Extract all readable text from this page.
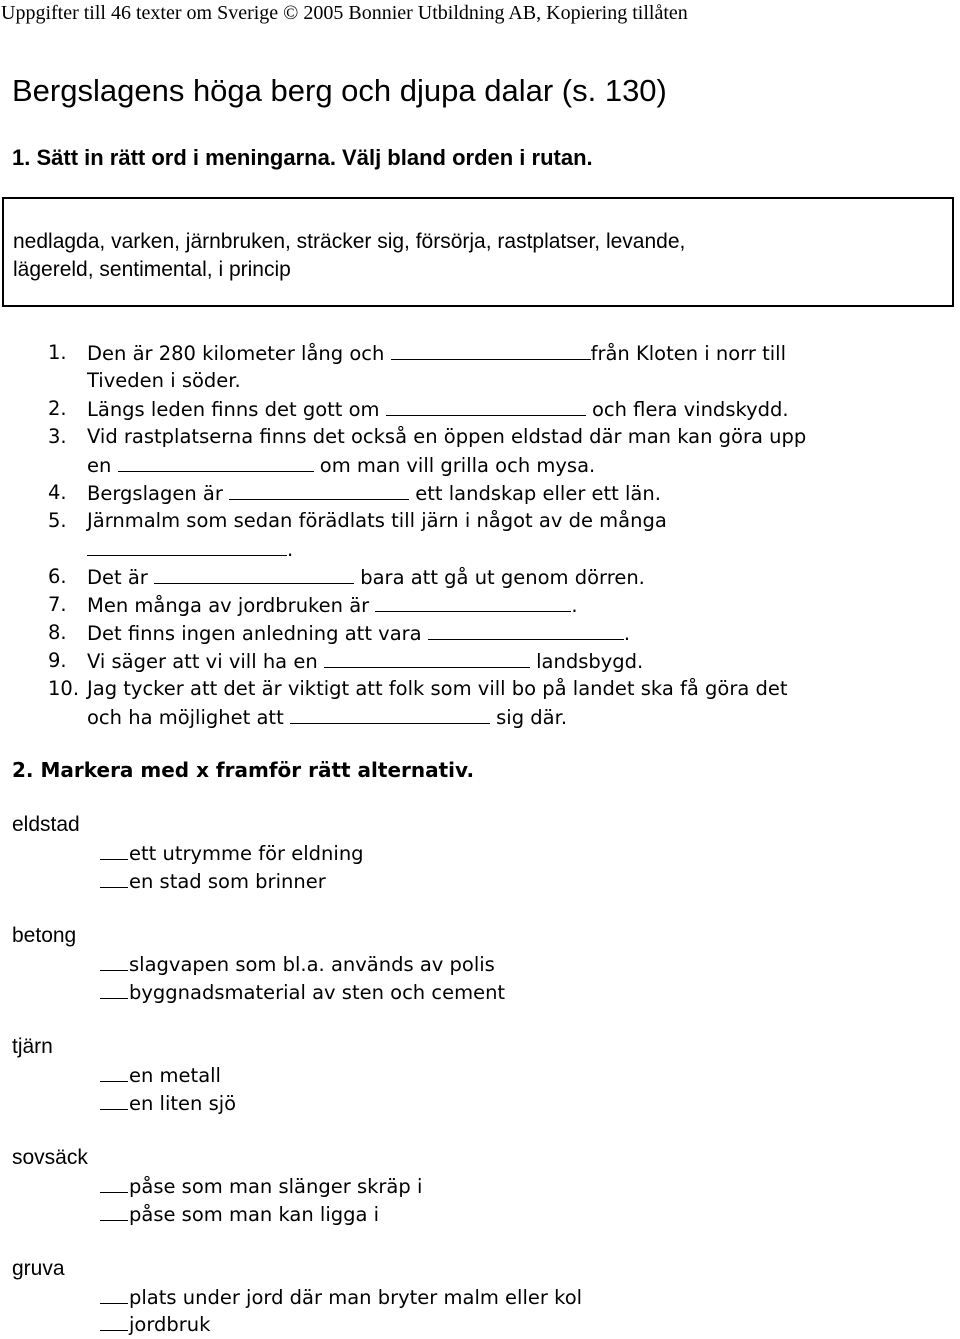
Uppgifter till 46 texter om Sverige © 2005 Bonnier Utbildning AB, Kopiering tillåten
Bergslagens höga berg och djupa dalar (s. 130)
1. Sätt in rätt ord i meningarna. Välj bland orden i rutan.
nedlagda, varken, järnbruken, sträcker sig, försörja, rastplatser, levande,
lägereld, sentimental, i princip
1. Den är 280 kilometer lång och	från Kloten i norr till
Tiveden i söder.
2. Längs leden finns det gott om	och flera vindskydd.
3. Vid rastplatserna finns det också en öppen eldstad där man kan göra upp
en	om man vill grilla och mysa.
4. Bergslagen är	ett landskap eller ett län.
5. Järnmalm som sedan förädlats till järn i något av de många
.
6. Det är	bara att gå ut genom dörren.
7. Men många av jordbruken är	.
8. Det finns ingen anledning att vara	.
9. Vi säger att vi vill ha en	landsbygd.
10. Jag tycker att det är viktigt att folk som vill bo på landet ska få göra det
och ha möjlighet att	sig där.
2. Markera med x framför rätt alternativ.
eldstad
ett utrymme för eldning
en stad som brinner
betong
slagvapen som bl.a. används av polis
byggnadsmaterial av sten och cement
tjärn
en metall
en liten sjö
sovsäck
påse som man slänger skräp i
påse som man kan ligga i
gruva
plats under jord där man bryter malm eller kol
jordbruk
